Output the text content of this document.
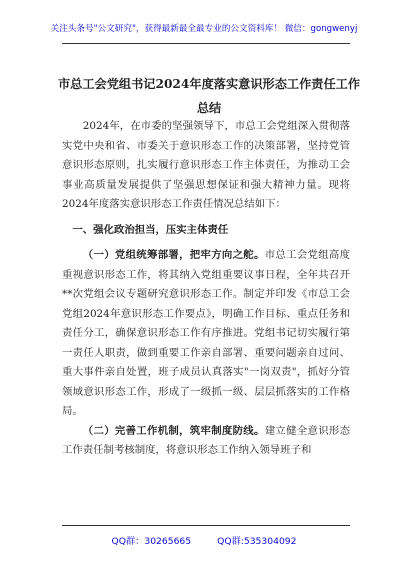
关注头条号"公文研究"，获得最新最全最专业的公文资料库！ 微信：gongwenyj
市总工会党组书记2024年度落实意识形态工作责任工作总结

2024年，在市委的坚强领导下，市总工会党组深入贯彻落实党中央和省、市委关于意识形态工作的决策部署，坚持党管意识形态原则，扎实履行意识形态工作主体责任，为推动工会事业高质量发展提供了坚强思想保证和强大精神力量。现将2024年度落实意识形态工作责任情况总结如下：

一、强化政治担当，压实主体责任

（一）党组统筹部署，把牢方向之舵。市总工会党组高度重视意识形态工作，将其纳入党组重要议事日程，全年共召开**次党组会议专题研究意识形态工作。制定并印发《市总工会党组2024年意识形态工作要点》，明确工作目标、重点任务和责任分工，确保意识形态工作有序推进。党组书记切实履行第一责任人职责，做到重要工作亲自部署、重要问题亲自过问、重大事件亲自处置，班子成员认真落实"一岗双责"，抓好分管领域意识形态工作，形成了一级抓一级、层层抓落实的工作格局。

（二）完善工作机制，筑牢制度防线。建立健全意识形态工作责任制考核制度，将意识形态工作纳入领导班子和

QQ群：30265665	QQ群:535304092
